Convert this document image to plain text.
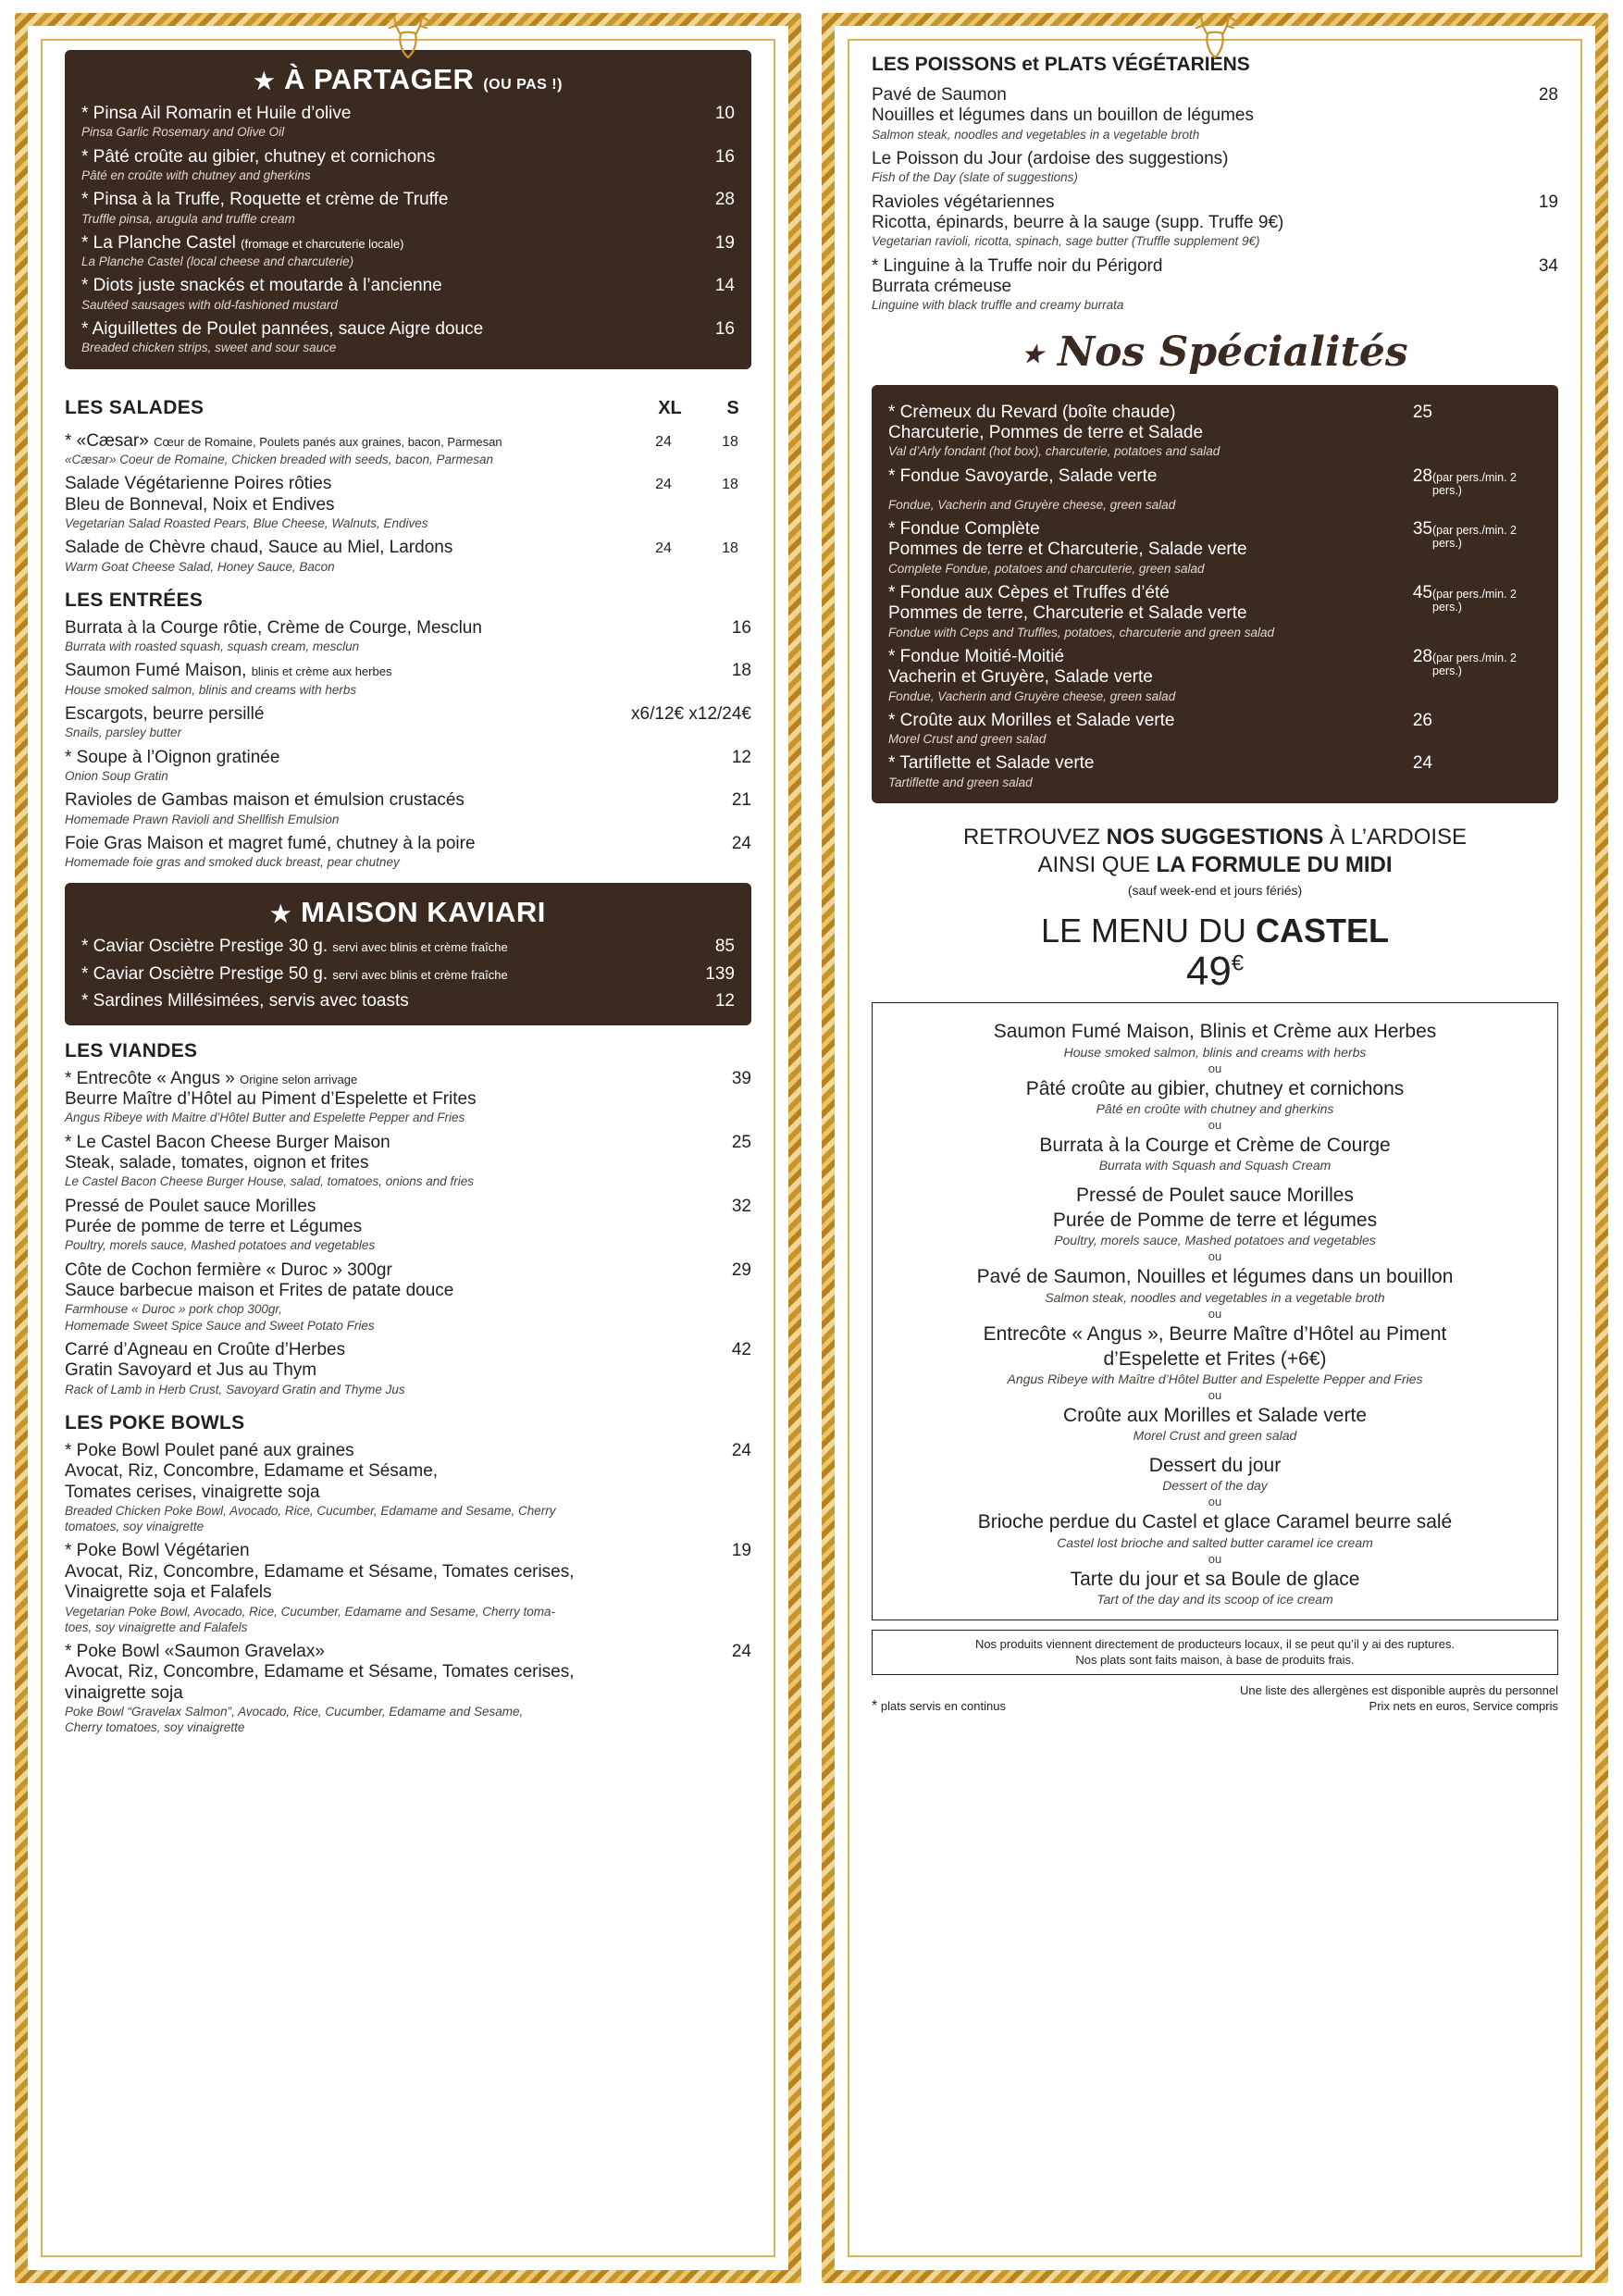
★ À PARTAGER (OU PAS !)
* Pinsa Ail Romarin et Huile d’olive	10
Pinsa Garlic Rosemary and Olive Oil
* Pâté croûte au gibier, chutney et cornichons	16
Pâté en croûte with chutney and gherkins
* Pinsa à la Truffe, Roquette et crème de Truffe	28
Truffle pinsa, arugula and truffle cream
* La Planche Castel (fromage et charcuterie locale)	19
La Planche Castel (local cheese and charcuterie)
* Diots juste snackés et moutarde à l’ancienne	14
Sautéed sausages with old-fashioned mustard
* Aiguillettes de Poulet pannées, sauce Aigre douce	16
Breaded chicken strips, sweet and sour sauce
LES SALADES	XL	S
* «Cæsar» Cœur de Romaine, Poulets panés aux graines, bacon, Parmesan	24	18
«Cæsar» Coeur de Romaine, Chicken breaded with seeds, bacon, Parmesan
Salade Végétarienne Poires rôties
Bleu de Bonneval, Noix et Endives
24	18
Vegetarian Salad Roasted Pears, Blue Cheese, Walnuts, Endives
Salade de Chèvre chaud, Sauce au Miel, Lardons	24	18
Warm Goat Cheese Salad, Honey Sauce, Bacon
LES ENTRÉES
Burrata à la Courge rôtie, Crème de Courge, Mesclun	16
Burrata with roasted squash, squash cream, mesclun
Saumon Fumé Maison, blinis et crème aux herbes	18
House smoked salmon, blinis and creams with herbs
Escargots, beurre persillé	x6/12€ x12/24€
Snails, parsley butter
* Soupe à l’Oignon gratinée	12
Onion Soup Gratin
Ravioles de Gambas maison et émulsion crustacés	21
Homemade Prawn Ravioli and Shellfish Emulsion
Foie Gras Maison et magret fumé, chutney à la poire	24
Homemade foie gras and smoked duck breast, pear chutney
★ MAISON KAVIARI
* Caviar Osciètre Prestige 30 g. servi avec blinis et crème fraîche	85
* Caviar Osciètre Prestige 50 g. servi avec blinis et crème fraîche	139
* Sardines Millésimées, servis avec toasts	12
LES VIANDES
* Entrecôte « Angus » Origine selon arrivage
Beurre Maître d’Hôtel au Piment d’Espelette et Frites
39
Angus Ribeye with Maitre d’Hôtel Butter and Espelette Pepper and Fries
* Le Castel Bacon Cheese Burger Maison
Steak, salade, tomates, oignon et frites
25
Le Castel Bacon Cheese Burger House, salad, tomatoes, onions and fries
Pressé de Poulet sauce Morilles
Purée de pomme de terre et Légumes
32
Poultry, morels sauce, Mashed potatoes and vegetables
Côte de Cochon fermière « Duroc » 300gr
Sauce barbecue maison et Frites de patate douce
29
Farmhouse « Duroc » pork chop 300gr,
Homemade Sweet Spice Sauce and Sweet Potato Fries
Carré d’Agneau en Croûte d’Herbes
Gratin Savoyard et Jus au Thym
42
Rack of Lamb in Herb Crust, Savoyard Gratin and Thyme Jus
LES POKE BOWLS
* Poke Bowl Poulet pané aux graines
Avocat, Riz, Concombre, Edamame et Sésame,
Tomates cerises, vinaigrette soja
24
Breaded Chicken Poke Bowl, Avocado, Rice, Cucumber, Edamame and Sesame, Cherry
tomatoes, soy vinaigrette
* Poke Bowl Végétarien
Avocat, Riz, Concombre, Edamame et Sésame, Tomates cerises,
Vinaigrette soja et Falafels
19
Vegetarian Poke Bowl, Avocado, Rice, Cucumber, Edamame and Sesame, Cherry toma-
toes, soy vinaigrette and Falafels
* Poke Bowl «Saumon Gravelax»
Avocat, Riz, Concombre, Edamame et Sésame, Tomates cerises,
vinaigrette soja
24
Poke Bowl “Gravelax Salmon”, Avocado, Rice, Cucumber, Edamame and Sesame,
Cherry tomatoes, soy vinaigrette
LES POISSONS et PLATS VÉGÉTARIENS
Pavé de Saumon
Nouilles et légumes dans un bouillon de légumes
28
Salmon steak, noodles and vegetables in a vegetable broth
Le Poisson du Jour (ardoise des suggestions)
Fish of the Day (slate of suggestions)
Ravioles végétariennes
Ricotta, épinards, beurre à la sauge (supp. Truffe 9€)
19
Vegetarian ravioli, ricotta, spinach, sage butter (Truffle supplement 9€)
* Linguine à la Truffe noir du Périgord
Burrata crémeuse
34
Linguine with black truffle and creamy burrata
★ Nos Spécialités
* Crèmeux du Revard (boîte chaude)
Charcuterie, Pommes de terre et Salade
25
Val d’Arly fondant (hot box), charcuterie, potatoes and salad
* Fondue Savoyarde, Salade verte	28 (par pers./min. 2 pers.)
Fondue, Vacherin and Gruyère cheese, green salad
* Fondue Complète
Pommes de terre et Charcuterie, Salade verte
35 (par pers./min. 2 pers.)
Complete Fondue, potatoes and charcuterie, green salad
* Fondue aux Cèpes et Truffes d’été
Pommes de terre, Charcuterie et Salade verte
45 (par pers./min. 2 pers.)
Fondue with Ceps and Truffles, potatoes, charcuterie and green salad
* Fondue Moitié-Moitié
Vacherin et Gruyère, Salade verte
28 (par pers./min. 2 pers.)
Fondue, Vacherin and Gruyère cheese, green salad
* Croûte aux Morilles et Salade verte	26
Morel Crust and green salad
* Tartiflette et Salade verte	24
Tartiflette and green salad
RETROUVEZ NOS SUGGESTIONS À L’ARDOISE
AINSI QUE LA FORMULE DU MIDI
(sauf week-end et jours fériés)
LE MENU DU CASTEL
49€
Saumon Fumé Maison, Blinis et Crème aux Herbes
House smoked salmon, blinis and creams with herbs
ou
Pâté croûte au gibier, chutney et cornichons
Pâté en croûte with chutney and gherkins
ou
Burrata à la Courge et Crème de Courge
Burrata with Squash and Squash Cream
Pressé de Poulet sauce Morilles
Purée de Pomme de terre et légumes
Poultry, morels sauce, Mashed potatoes and vegetables
ou
Pavé de Saumon, Nouilles et légumes dans un bouillon
Salmon steak, noodles and vegetables in a vegetable broth
ou
Entrecôte « Angus », Beurre Maître d’Hôtel au Piment
d’Espelette et Frites (+6€)
Angus Ribeye with Maître d’Hôtel Butter and Espelette Pepper and Fries
ou
Croûte aux Morilles et Salade verte
Morel Crust and green salad
Dessert du jour
Dessert of the day
ou
Brioche perdue du Castel et glace Caramel beurre salé
Castel lost brioche and salted butter caramel ice cream
ou
Tarte du jour et sa Boule de glace
Tart of the day and its scoop of ice cream
Nos produits viennent directement de producteurs locaux, il se peut qu’il y ai des ruptures.
Nos plats sont faits maison, à base de produits frais.
* plats servis en continus
Une liste des allergènes est disponible auprès du personnel
Prix nets en euros, Service compris
